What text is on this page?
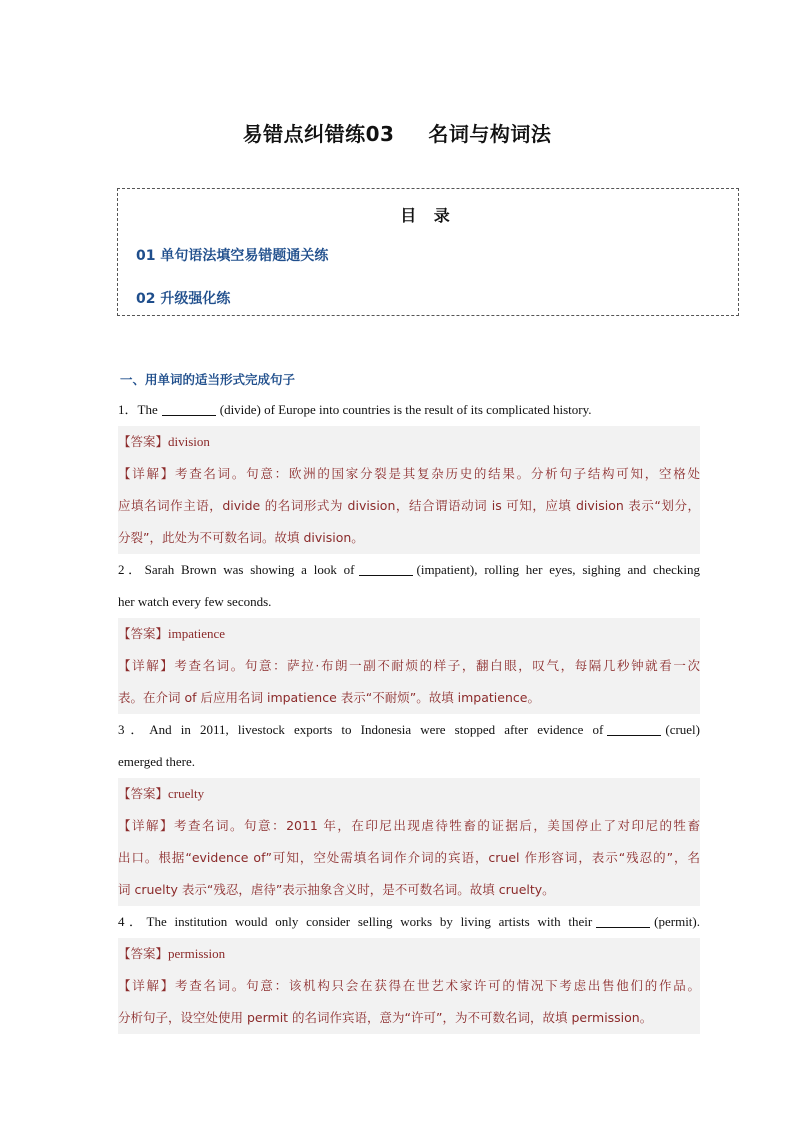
易错点纠错练03 名词与构词法
目 录
01 单句语法填空易错题通关练
02 升级强化练
一、用单词的适当形式完成句子
1．The	(divide) of Europe into countries is the result of its complicated history.
【答案】division
【详解】考查名词。句意：欧洲的国家分裂是其复杂历史的结果。分析句子结构可知，空格处
应填名词作主语，divide 的名词形式为 division，结合谓语动词 is 可知，应填 division 表示“划分，
分裂”，此处为不可数名词。故填 division。
2．Sarah Brown was showing a look of	(impatient), rolling her eyes, sighing and checking
her watch every few seconds.
【答案】impatience
【详解】考查名词。句意：萨拉·布朗一副不耐烦的样子，翻白眼，叹气，每隔几秒钟就看一次
表。在介词 of 后应用名词 impatience 表示“不耐烦”。故填 impatience。
3．And in 2011, livestock exports to Indonesia were stopped after evidence of	(cruel)
emerged there.
【答案】cruelty
【详解】考查名词。句意：2011 年，在印尼出现虐待牲畜的证据后，美国停止了对印尼的牲畜
出口。根据“evidence of”可知，空处需填名词作介词的宾语，cruel 作形容词，表示“残忍的”，名
词 cruelty 表示“残忍，虐待”表示抽象含义时，是不可数名词。故填 cruelty。
4．The institution would only consider selling works by living artists with their	(permit).
【答案】permission
【详解】考查名词。句意：该机构只会在获得在世艺术家许可的情况下考虑出售他们的作品。
分析句子，设空处使用 permit 的名词作宾语，意为“许可”，为不可数名词，故填 permission。
